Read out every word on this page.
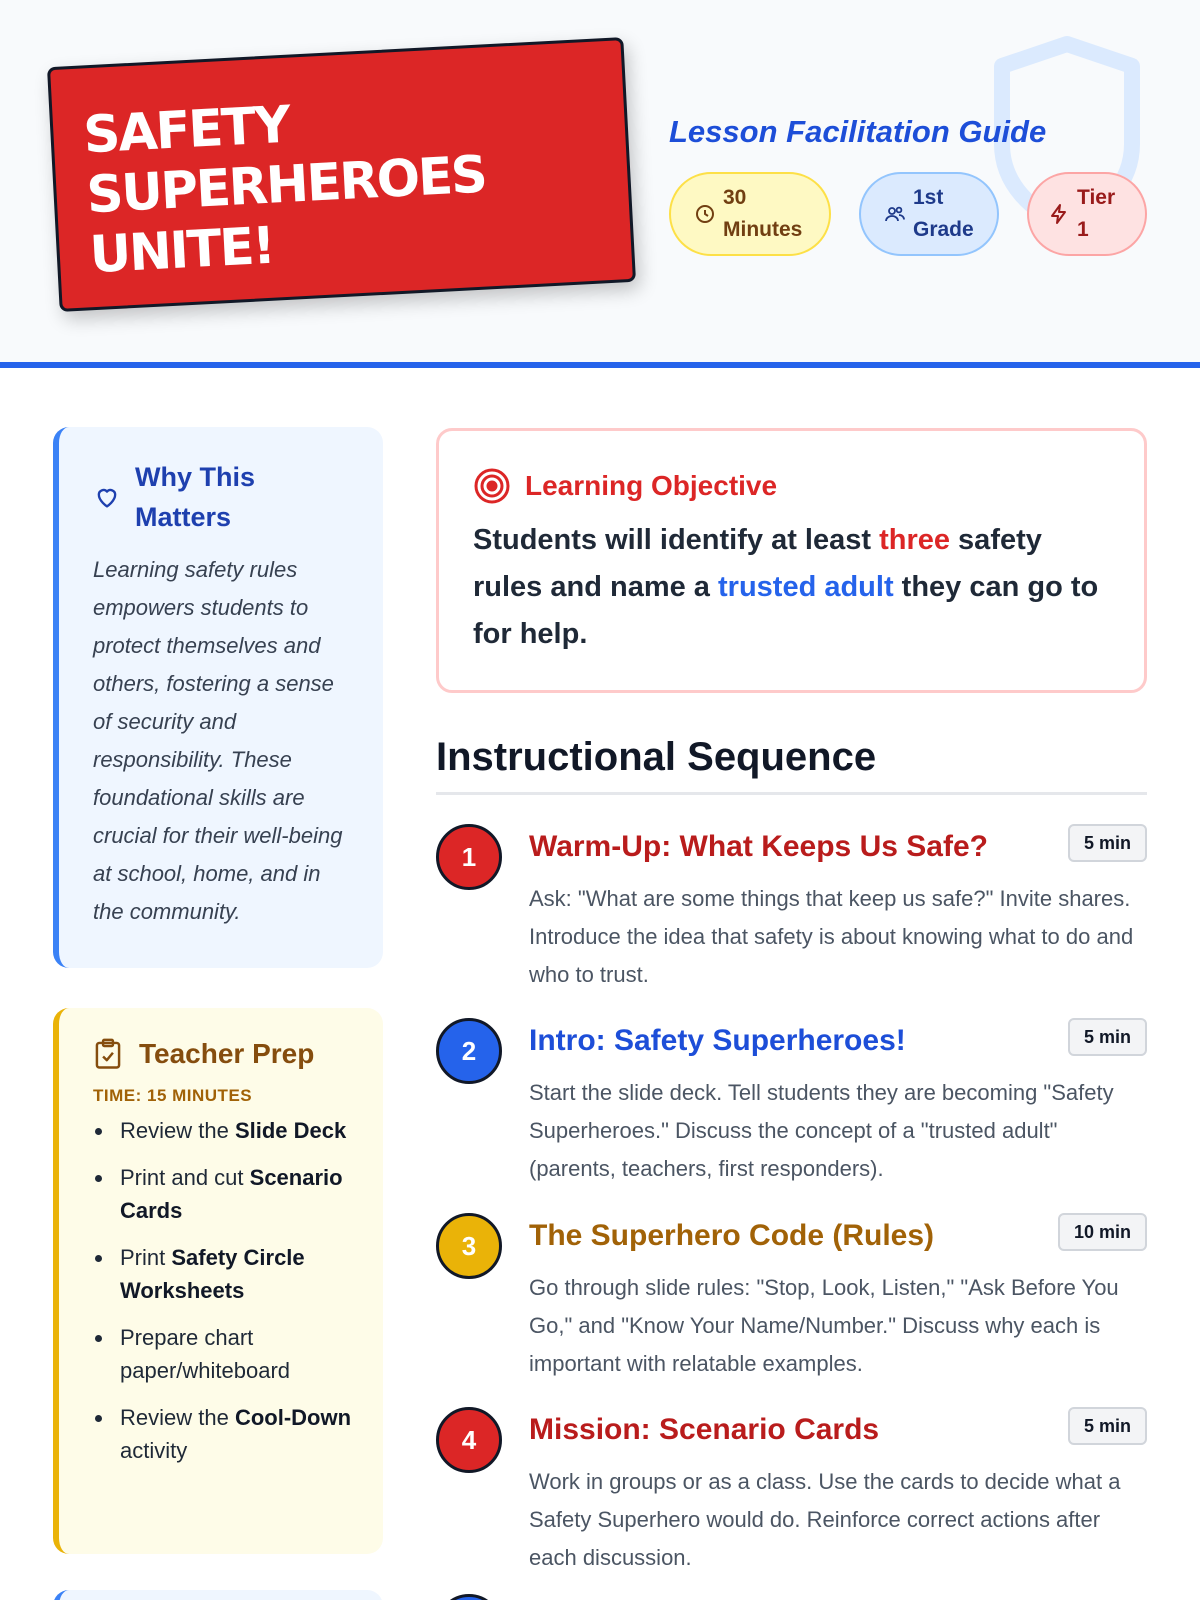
SAFETY
SUPERHEROES
UNITE!
Lesson Facilitation Guide
30
Minutes
1st
Grade
Tier
1
Why This Matters

Learning safety rules empowers students to protect themselves and others, fostering a sense of security and responsibility. These foundational skills are crucial for their well-being at school, home, and in the community.

Teacher Prep
TIME: 15 MINUTES
Review the Slide Deck
Print and cut Scenario Cards
Print Safety Circle Worksheets
Prepare chart paper/whiteboard
Review the Cool-Down activity
Learning Objective

Students will identify at least three safety rules and name a trusted adult they can go to for help.

Instructional Sequence
1	Warm-Up: What Keeps Us Safe?	5 min

Ask: "What are some things that keep us safe?" Invite shares. Introduce the idea that safety is about knowing what to do and who to trust.

2	Intro: Safety Superheroes!	5 min

Start the slide deck. Tell students they are becoming "Safety Superheroes." Discuss the concept of a "trusted adult" (parents, teachers, first responders).

3	The Superhero Code (Rules)	10 min

Go through slide rules: "Stop, Look, Listen," "Ask Before You Go," and "Know Your Name/Number." Discuss why each is important with relatable examples.

4	Mission: Scenario Cards	5 min

Work in groups or as a class. Use the cards to decide what a Safety Superhero would do. Reinforce correct actions after each discussion.
